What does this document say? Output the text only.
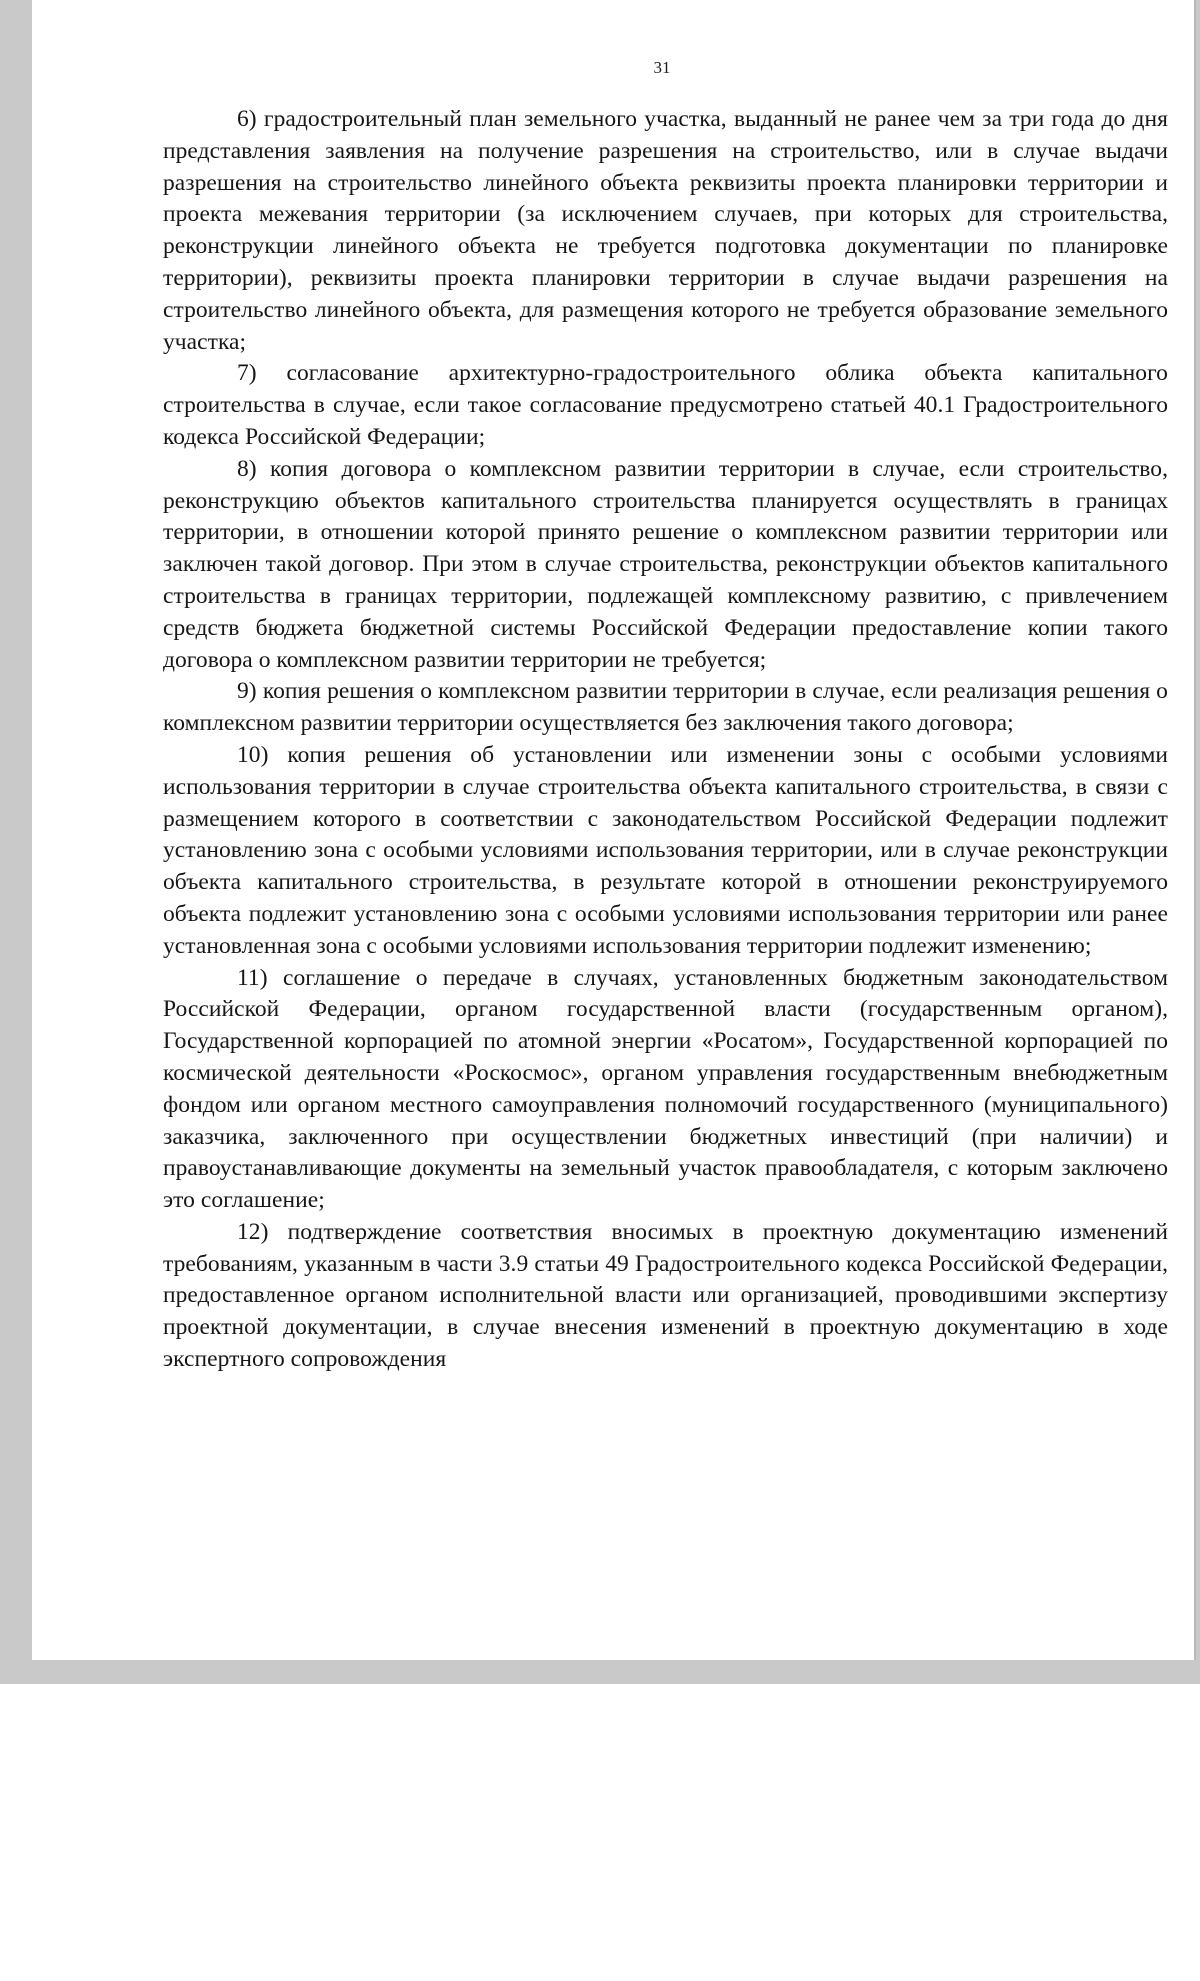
31

6) градостроительный план земельного участка, выданный не ранее чем за три года до дня представления заявления на получение разрешения на строительство, или в случае выдачи разрешения на строительство линейного объекта реквизиты проекта планировки территории и проекта межевания территории (за исключением случаев, при которых для строительства, реконструкции линейного объекта не требуется подготовка документации по планировке территории), реквизиты проекта планировки территории в случае выдачи разрешения на строительство линейного объекта, для размещения которого не требуется образование земельного участка;

7) согласование архитектурно-градостроительного облика объекта капитального строительства в случае, если такое согласование предусмотрено статьей 40.1 Градостроительного кодекса Российской Федерации;

8) копия договора о комплексном развитии территории в случае, если строительство, реконструкцию объектов капитального строительства планируется осуществлять в границах территории, в отношении которой принято решение о комплексном развитии территории или заключен такой договор. При этом в случае строительства, реконструкции объектов капитального строительства в границах территории, подлежащей комплексному развитию, с привлечением средств бюджета бюджетной системы Российской Федерации предоставление копии такого договора о комплексном развитии территории не требуется;

9) копия решения о комплексном развитии территории в случае, если реализация решения о комплексном развитии территории осуществляется без заключения такого договора;

10) копия решения об установлении или изменении зоны с особыми условиями использования территории в случае строительства объекта капитального строительства, в связи с размещением которого в соответствии с законодательством Российской Федерации подлежит установлению зона с особыми условиями использования территории, или в случае реконструкции объекта капитального строительства, в результате которой в отношении реконструируемого объекта подлежит установлению зона с особыми условиями использования территории или ранее установленная зона с особыми условиями использования территории подлежит изменению;

11) соглашение о передаче в случаях, установленных бюджетным законодательством Российской Федерации, органом государственной власти (государственным органом), Государственной корпорацией по атомной энергии «Росатом», Государственной корпорацией по космической деятельности «Роскосмос», органом управления государственным внебюджетным фондом или органом местного самоуправления полномочий государственного (муниципального) заказчика, заключенного при осуществлении бюджетных инвестиций (при наличии) и правоустанавливающие документы на земельный участок правообладателя, с которым заключено это соглашение;

12) подтверждение соответствия вносимых в проектную документацию изменений требованиям, указанным в части 3.9 статьи 49 Градостроительного кодекса Российской Федерации, предоставленное органом исполнительной власти или организацией, проводившими экспертизу проектной документации, в случае внесения изменений в проектную документацию в ходе экспертного сопровождения
